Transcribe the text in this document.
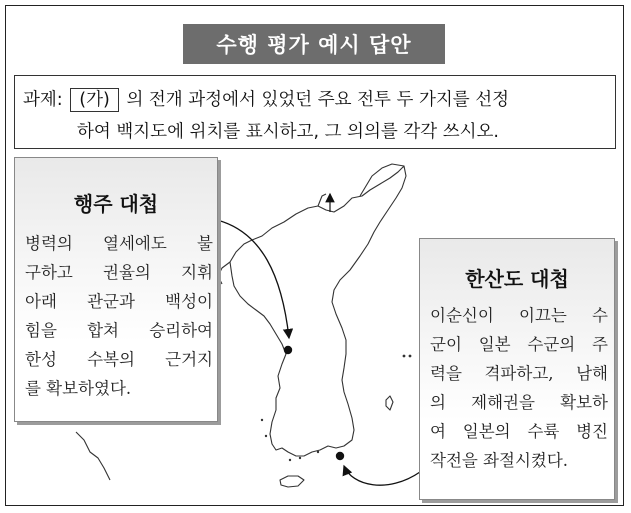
수행 평가 예시 답안
과제: (가) 의 전개 과정에서 있었던 주요 전투 두 가지를 선정
하여 백지도에 위치를 표시하고, 그 의의를 각각 쓰시오.
행주 대첩
병력의 열세에도 불
구하고 권율의 지휘
아래 관군과 백성이
힘을 합쳐 승리하여
한성 수복의 근거지
를 확보하였다.
한산도 대첩
이순신이 이끄는 수
군이 일본 수군의 주
력을 격파하고, 남해
의 제해권을 확보하
여 일본의 수륙 병진
작전을 좌절시켰다.
